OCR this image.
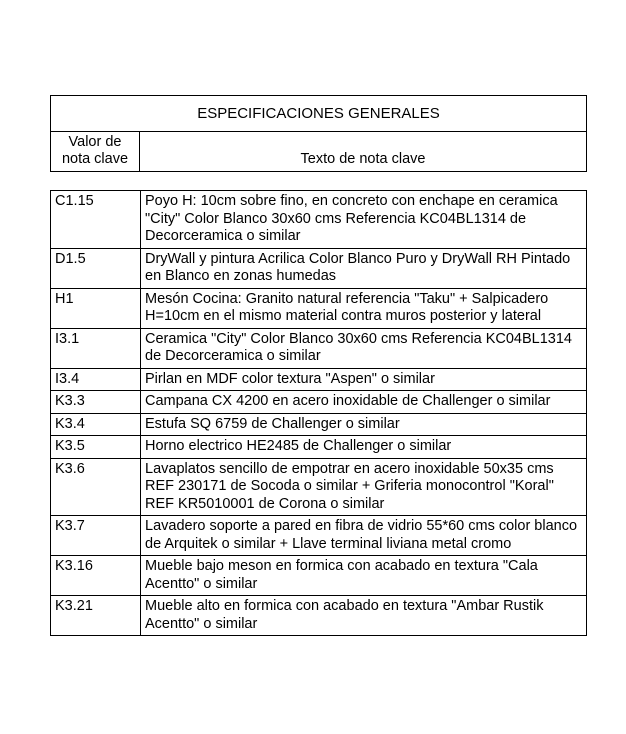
ESPECIFICACIONES GENERALES
Valor de
nota clave	Texto de nota clave
C1.15	Poyo H: 10cm sobre fino, en concreto con enchape en ceramica "City" Color Blanco 30x60 cms Referencia KC04BL1314 de Decorceramica o similar
D1.5	DryWall y pintura Acrilica Color Blanco Puro y DryWall RH Pintado en Blanco en zonas humedas
H1	Mesón Cocina: Granito natural referencia "Taku" + Salpicadero H=10cm en el mismo material contra muros posterior y lateral
I3.1	Ceramica "City" Color Blanco 30x60 cms Referencia KC04BL1314 de Decorceramica o similar
I3.4	Pirlan en MDF color textura "Aspen" o similar
K3.3	Campana CX 4200 en acero inoxidable de Challenger o similar
K3.4	Estufa SQ 6759 de Challenger o similar
K3.5	Horno electrico HE2485 de Challenger o similar
K3.6	Lavaplatos sencillo de empotrar en acero inoxidable 50x35 cms REF 230171 de Socoda o similar + Griferia monocontrol "Koral" REF KR5010001 de Corona o similar
K3.7	Lavadero soporte a pared en fibra de vidrio 55*60 cms color blanco de Arquitek o similar + Llave terminal liviana metal cromo
K3.16	Mueble bajo meson en formica con acabado en textura "Cala Acentto" o similar
K3.21	Mueble alto en formica con acabado en textura "Ambar Rustik Acentto" o similar
